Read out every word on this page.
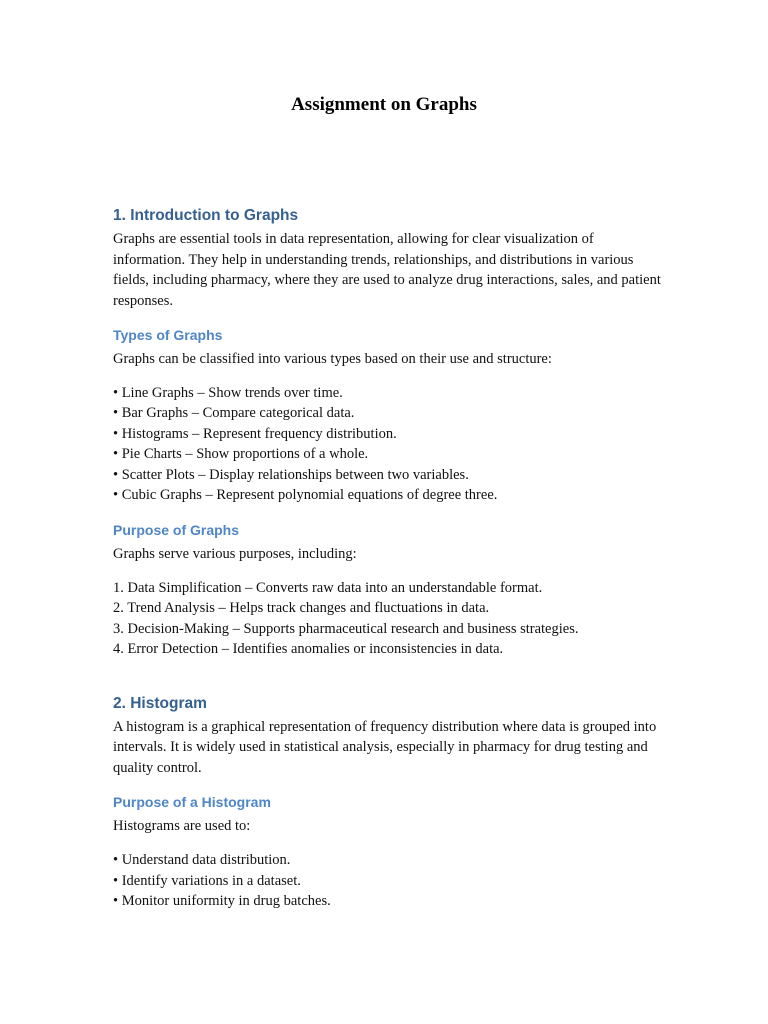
Assignment on Graphs
1. Introduction to Graphs

Graphs are essential tools in data representation, allowing for clear visualization of information. They help in understanding trends, relationships, and distributions in various fields, including pharmacy, where they are used to analyze drug interactions, sales, and patient responses.

Types of Graphs

Graphs can be classified into various types based on their use and structure:

• Line Graphs – Show trends over time.
• Bar Graphs – Compare categorical data.
• Histograms – Represent frequency distribution.
• Pie Charts – Show proportions of a whole.
• Scatter Plots – Display relationships between two variables.
• Cubic Graphs – Represent polynomial equations of degree three.
Purpose of Graphs

Graphs serve various purposes, including:

1. Data Simplification – Converts raw data into an understandable format.
2. Trend Analysis – Helps track changes and fluctuations in data.
3. Decision-Making – Supports pharmaceutical research and business strategies.
4. Error Detection – Identifies anomalies or inconsistencies in data.
2. Histogram

A histogram is a graphical representation of frequency distribution where data is grouped into intervals. It is widely used in statistical analysis, especially in pharmacy for drug testing and quality control.

Purpose of a Histogram

Histograms are used to:

• Understand data distribution.
• Identify variations in a dataset.
• Monitor uniformity in drug batches.
